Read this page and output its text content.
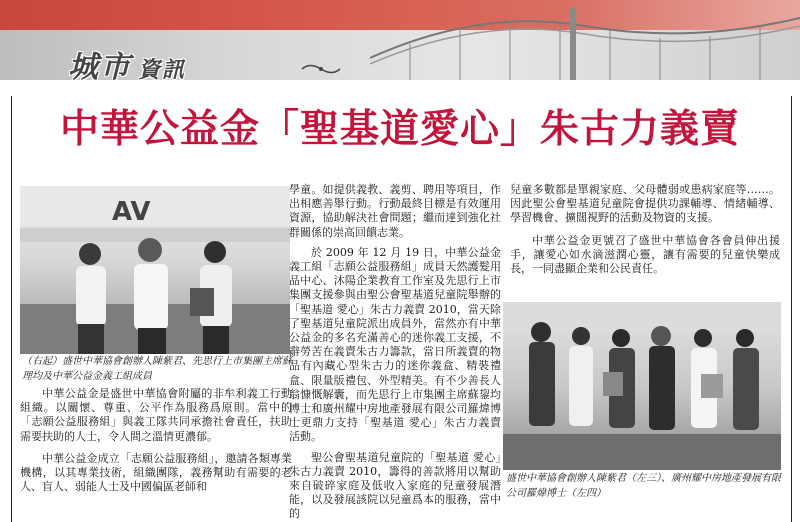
城市 資訊
中華公益金「聖基道愛心」朱古力義賣
AV
（右起）盛世中華協會創辦人陳紫君、先思行上市集團主席蘇理均及中華公益金義工組成員
盛世中華協會創辦人陳紫君（左三）、廣州耀中房地產發展有限公司羅煒博士（左四）

中華公益金是盛世中華協會附屬的非牟利義工行動組織。以關懷、尊重、公平作為服務爲原則。當中的「志願公益服務組」與義工隊共同承擔社會責任，扶助需要扶助的人士，令人間之溫情更濃郁。

中華公益金成立「志願公益服務組」，邀請各類專業機構，以其專業技術，組織團隊，義務幫助有需要的老人、盲人、弱能人士及中國偏區老師和

學童。如提供義教、義剪、聘用等項目，作出相應善舉行動。行動最終目標是有效運用資源，協助解決社會問題；繼而達到強化社群關係的崇高回饋志業。

於 2009 年 12 月 19 日，中華公益金義工組「志願公益服務組」成員天然護髮用品中心、沐陽企業教育工作室及先思行上市集團支援參與由聖公會聖基道兒童院舉辦的「聖基道 愛心」朱古力義賣 2010，當天除了聖基道兒童院派出成員外，當然亦有中華公益金的多名充滿善心的迷你義工支援，不辭勞苦在義賣朱古力籌款，當日所義賣的物品有內藏心型朱古力的迷你義盒、精裝禮盒、限量版禮包、外型精美。有不少善長人翁慷慨解囊，而先思行上市集團主席蘇鋆均博士和廣州耀中房地產發展有限公司羅煒博士更鼎力支持「聖基道 愛心」朱古力義賣活動。

聖公會聖基道兒童院的「聖基道 愛心」朱古力義賣 2010，籌得的善款將用以幫助來自破碎家庭及低收入家庭的兒童發展潛能，以及發展該院以兒童爲本的服務，當中的

兒童多數都是單親家庭、父母體弱或患病家庭等……。因此聖公會聖基道兒童院會提供功課輔導、情緒輔導、學習機會、擴闊視野的活動及物資的支援。

中華公益金更號召了盛世中華協會各會員伸出援手，讓愛心如水滴滋潤心靈，讓有需要的兒童快樂成長，一同盡顯企業和公民責任。
